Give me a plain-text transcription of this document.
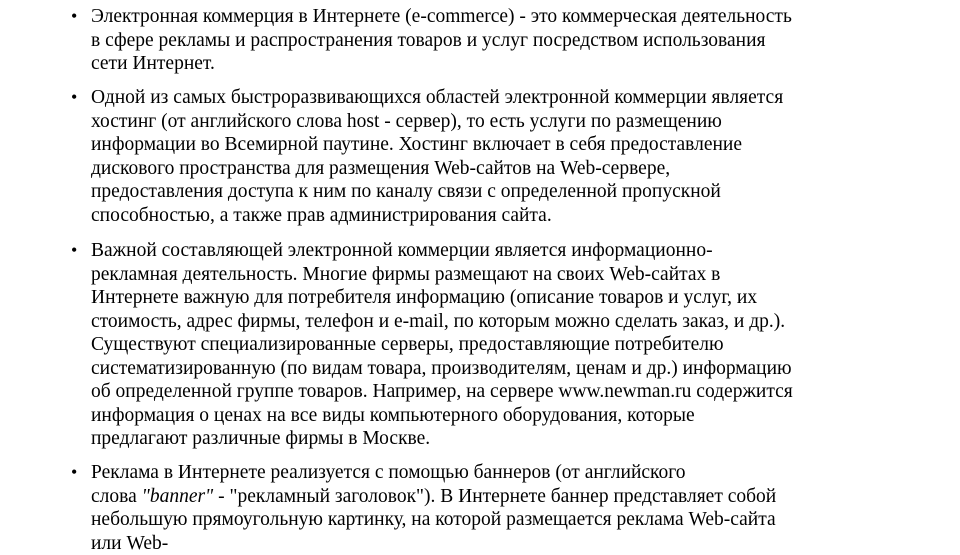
• Электронная коммерция в Интернете (e-commerce) - это коммерческая деятельность
в сфере рекламы и распространения товаров и услуг посредством использования
сети Интернет.
• Одной из самых быстроразвивающихся областей электронной коммерции является
хостинг (от английского слова host - сервер), то есть услуги по размещению
информации во Всемирной паутине. Хостинг включает в себя предоставление
дискового пространства для размещения Web-сайтов на Web-сервере,
предоставления доступа к ним по каналу связи с определенной пропускной
способностью, а также прав администрирования сайта.
• Важной составляющей электронной коммерции является информационно-
рекламная деятельность. Многие фирмы размещают на своих Web-сайтах в
Интернете важную для потребителя информацию (описание товаров и услуг, их
стоимость, адрес фирмы, телефон и e-mail, по которым можно сделать заказ, и др.).
Существуют специализированные серверы, предоставляющие потребителю
систематизированную (по видам товара, производителям, ценам и др.) информацию
об определенной группе товаров. Например, на сервере www.newman.ru содержится
информация о ценах на все виды компьютерного оборудования, которые
предлагают различные фирмы в Москве.
• Реклама в Интернете реализуется с помощью баннеров (от английского
слова "banner" - "рекламный заголовок"). В Интернете баннер представляет собой
небольшую прямоугольную картинку, на которой размещается реклама Web-сайта
или Web-
